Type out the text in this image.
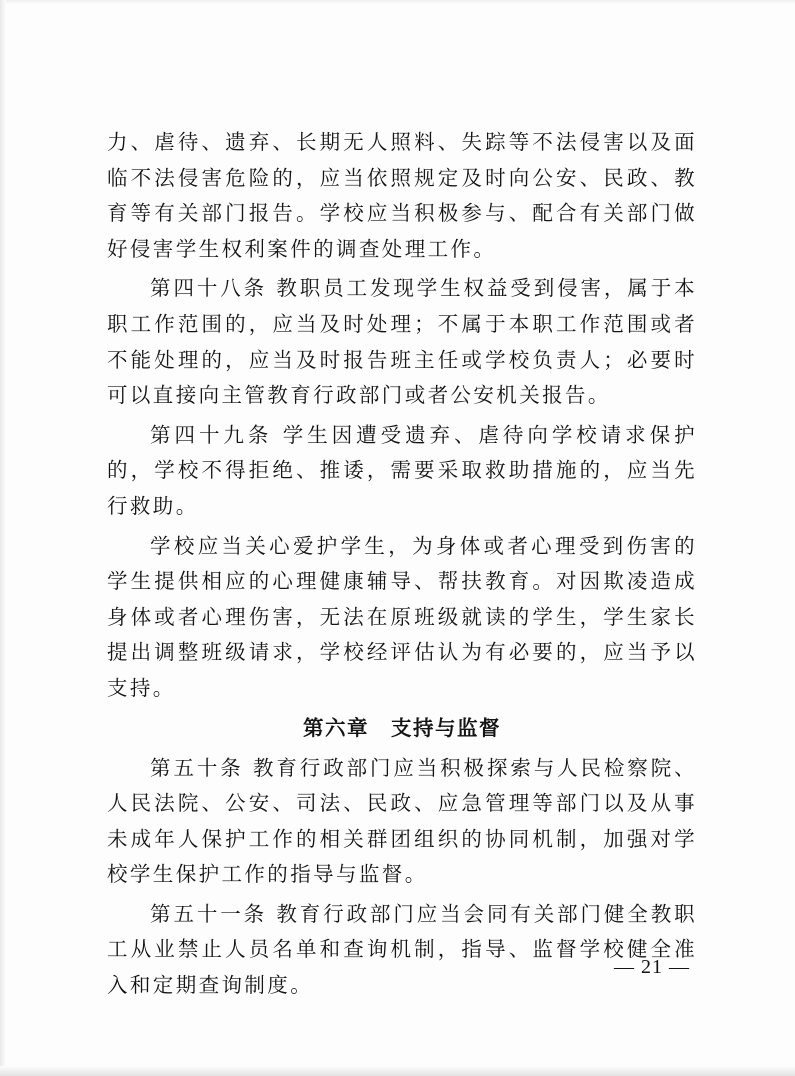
力、虐待、遗弃、长期无人照料、失踪等不法侵害以及面临不法侵害危险的，应当依照规定及时向公安、民政、教育等有关部门报告。学校应当积极参与、配合有关部门做好侵害学生权利案件的调查处理工作。

第四十八条 教职员工发现学生权益受到侵害，属于本职工作范围的，应当及时处理；不属于本职工作范围或者不能处理的，应当及时报告班主任或学校负责人；必要时可以直接向主管教育行政部门或者公安机关报告。

第四十九条 学生因遭受遗弃、虐待向学校请求保护的，学校不得拒绝、推诿，需要采取救助措施的，应当先行救助。

学校应当关心爱护学生，为身体或者心理受到伤害的学生提供相应的心理健康辅导、帮扶教育。对因欺凌造成身体或者心理伤害，无法在原班级就读的学生，学生家长提出调整班级请求，学校经评估认为有必要的，应当予以支持。

第六章　支持与监督

第五十条 教育行政部门应当积极探索与人民检察院、人民法院、公安、司法、民政、应急管理等部门以及从事未成年人保护工作的相关群团组织的协同机制，加强对学校学生保护工作的指导与监督。

第五十一条 教育行政部门应当会同有关部门健全教职工从业禁止人员名单和查询机制，指导、监督学校健全准入和定期查询制度。

— 21 —
